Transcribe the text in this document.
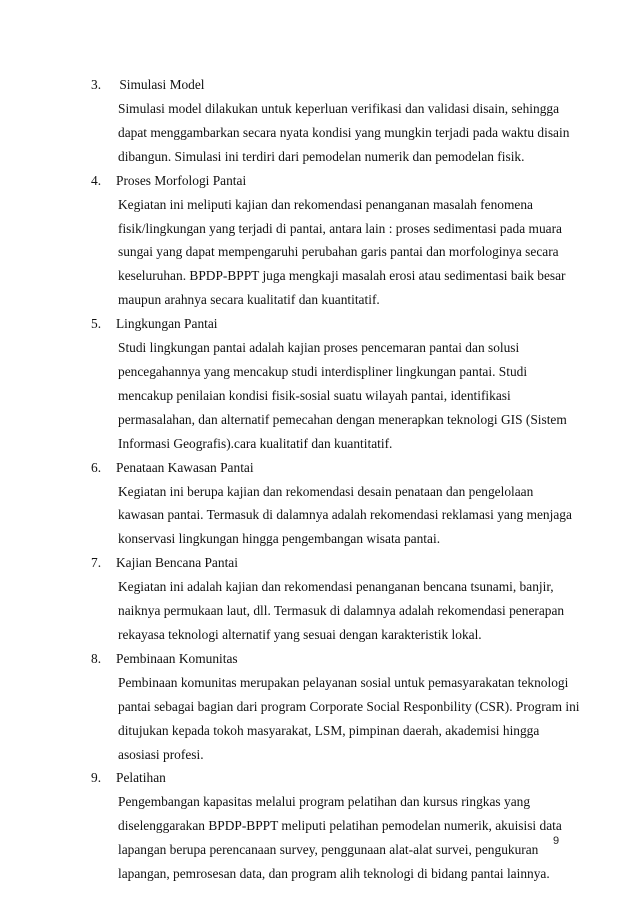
3. Simulasi Model
Simulasi model dilakukan untuk keperluan verifikasi dan validasi disain, sehingga
dapat menggambarkan secara nyata kondisi yang mungkin terjadi pada waktu disain
dibangun. Simulasi ini terdiri dari pemodelan numerik dan pemodelan fisik.
4. Proses Morfologi Pantai
Kegiatan ini meliputi kajian dan rekomendasi penanganan masalah fenomena
fisik/lingkungan yang terjadi di pantai, antara lain : proses sedimentasi pada muara
sungai yang dapat mempengaruhi perubahan garis pantai dan morfologinya secara
keseluruhan. BPDP-BPPT juga mengkaji masalah erosi atau sedimentasi baik besar
maupun arahnya secara kualitatif dan kuantitatif.
5. Lingkungan Pantai
Studi lingkungan pantai adalah kajian proses pencemaran pantai dan solusi
pencegahannya yang mencakup studi interdispliner lingkungan pantai. Studi
mencakup penilaian kondisi fisik-sosial suatu wilayah pantai, identifikasi
permasalahan, dan alternatif pemecahan dengan menerapkan teknologi GIS (Sistem
Informasi Geografis).cara kualitatif dan kuantitatif.
6. Penataan Kawasan Pantai
Kegiatan ini berupa kajian dan rekomendasi desain penataan dan pengelolaan
kawasan pantai. Termasuk di dalamnya adalah rekomendasi reklamasi yang menjaga
konservasi lingkungan hingga pengembangan wisata pantai.
7. Kajian Bencana Pantai
Kegiatan ini adalah kajian dan rekomendasi penanganan bencana tsunami, banjir,
naiknya permukaan laut, dll. Termasuk di dalamnya adalah rekomendasi penerapan
rekayasa teknologi alternatif yang sesuai dengan karakteristik lokal.
8. Pembinaan Komunitas
Pembinaan komunitas merupakan pelayanan sosial untuk pemasyarakatan teknologi
pantai sebagai bagian dari program Corporate Social Responbility (CSR). Program ini
ditujukan kepada tokoh masyarakat, LSM, pimpinan daerah, akademisi hingga
asosiasi profesi.
9. Pelatihan
Pengembangan kapasitas melalui program pelatihan dan kursus ringkas yang
diselenggarakan BPDP-BPPT meliputi pelatihan pemodelan numerik, akuisisi data
lapangan berupa perencanaan survey, penggunaan alat-alat survei, pengukuran
lapangan, pemrosesan data, dan program alih teknologi di bidang pantai lainnya.
9
